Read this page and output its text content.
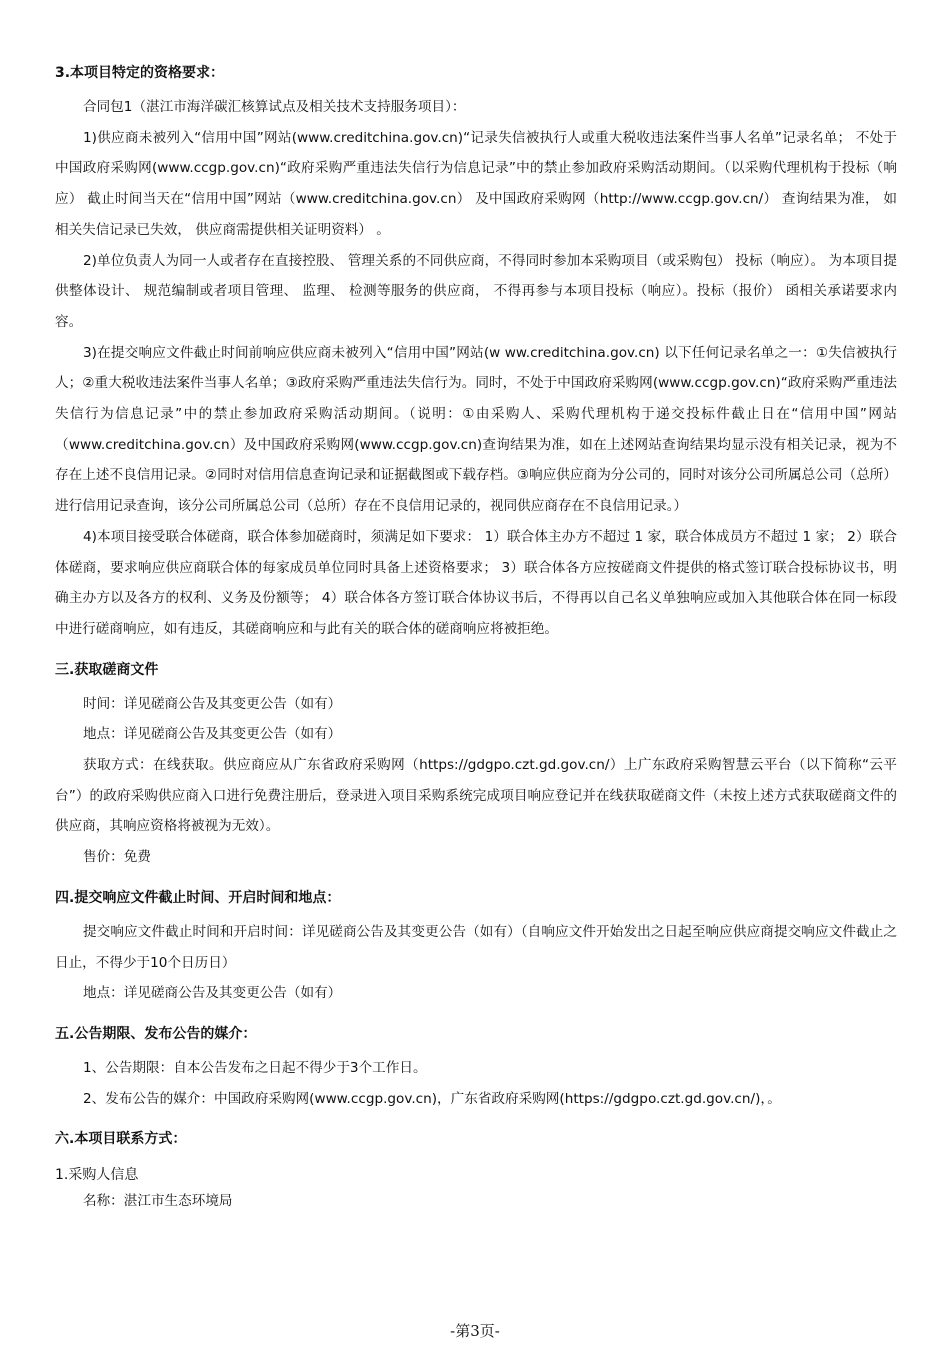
3.本项目特定的资格要求：

合同包1（湛江市海洋碳汇核算试点及相关技术支持服务项目）：

1)供应商未被列入“信用中国”网站(www.creditchina.gov.cn)“记录失信被执行人或重大税收违法案件当事人名单”记录名单； 不处于中国政府采购网(www.ccgp.gov.cn)“政府采购严重违法失信行为信息记录”中的禁止参加政府采购活动期间。（以采购代理机构于投标（响应） 截止时间当天在“信用中国”网站（www.creditchina.gov.cn） 及中国政府采购网（http://www.ccgp.gov.cn/） 查询结果为准， 如相关失信记录已失效， 供应商需提供相关证明资料） 。

2)单位负责人为同一人或者存在直接控股、 管理关系的不同供应商，不得同时参加本采购项目（或采购包） 投标（响应）。 为本项目提供整体设计、 规范编制或者项目管理、 监理、 检测等服务的供应商， 不得再参与本项目投标（响应）。投标（报价） 函相关承诺要求内容。

3)在提交响应文件截止时间前响应供应商未被列入“信用中国”网站(w ww.creditchina.gov.cn) 以下任何记录名单之一：①失信被执行人；②重大税收违法案件当事人名单；③政府采购严重违法失信行为。同时，不处于中国政府采购网(www.ccgp.gov.cn)“政府采购严重违法失信行为信息记录”中的禁止参加政府采购活动期间。（说明：①由采购人、采购代理机构于递交投标件截止日在“信用中国”网站（www.creditchina.gov.cn）及中国政府采购网(www.ccgp.gov.cn)查询结果为准，如在上述网站查询结果均显示没有相关记录，视为不存在上述不良信用记录。②同时对信用信息查询记录和证据截图或下载存档。③响应供应商为分公司的，同时对该分公司所属总公司（总所）进行信用记录查询，该分公司所属总公司（总所）存在不良信用记录的，视同供应商存在不良信用记录。）

4)本项目接受联合体磋商，联合体参加磋商时，须满足如下要求： 1）联合体主办方不超过 1 家，联合体成员方不超过 1 家； 2）联合体磋商，要求响应供应商联合体的每家成员单位同时具备上述资格要求； 3）联合体各方应按磋商文件提供的格式签订联合投标协议书，明确主办方以及各方的权利、义务及份额等； 4）联合体各方签订联合体协议书后，不得再以自己名义单独响应或加入其他联合体在同一标段中进行磋商响应，如有违反，其磋商响应和与此有关的联合体的磋商响应将被拒绝。

三.获取磋商文件

时间：详见磋商公告及其变更公告（如有）

地点：详见磋商公告及其变更公告（如有）

获取方式：在线获取。供应商应从广东省政府采购网（https://gdgpo.czt.gd.gov.cn/）上广东政府采购智慧云平台（以下简称“云平台”）的政府采购供应商入口进行免费注册后，登录进入项目采购系统完成项目响应登记并在线获取磋商文件（未按上述方式获取磋商文件的供应商，其响应资格将被视为无效）。

售价：免费

四.提交响应文件截止时间、开启时间和地点：

提交响应文件截止时间和开启时间：详见磋商公告及其变更公告（如有）（自响应文件开始发出之日起至响应供应商提交响应文件截止之日止，不得少于10个日历日）

地点：详见磋商公告及其变更公告（如有）

五.公告期限、发布公告的媒介：

1、公告期限：自本公告发布之日起不得少于3个工作日。

2、发布公告的媒介：中国政府采购网(www.ccgp.gov.cn)，广东省政府采购网(https://gdgpo.czt.gd.gov.cn/)，。

六.本项目联系方式：

1.采购人信息

名称：湛江市生态环境局

-第3页-
